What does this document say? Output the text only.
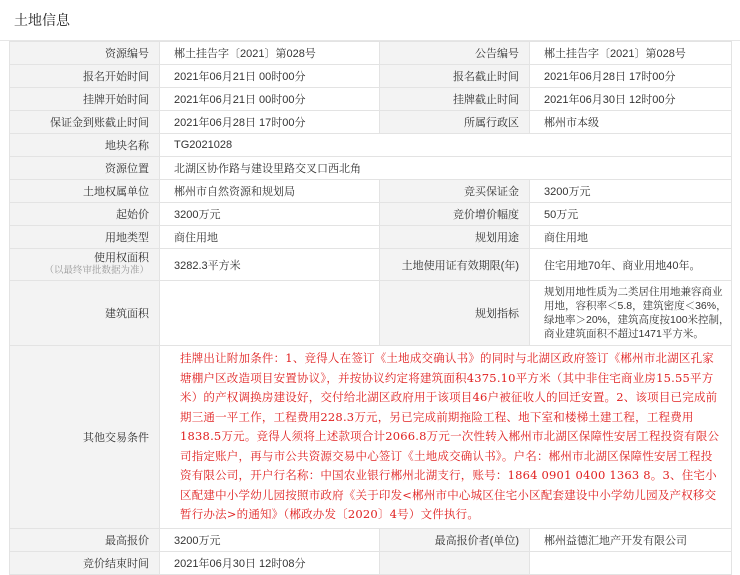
土地信息
资源编号	郴土挂告字〔2021〕第028号	公告编号	郴土挂告字〔2021〕第028号
报名开始时间	2021年06月21日 00时00分	报名截止时间	2021年06月28日 17时00分
挂牌开始时间	2021年06月21日 00时00分	挂牌截止时间	2021年06月30日 12时00分
保证金到账截止时间	2021年06月28日 17时00分	所属行政区	郴州市本级
地块名称	TG2021028		
资源位置	北湖区协作路与建设里路交叉口西北角		
土地权属单位	郴州市自然资源和规划局	竞买保证金	3200万元
起始价	3200万元	竞价增价幅度	50万元
用地类型	商住用地	规划用途	商住用地

使用权面积
（以最终审批数据为准）	3282.3平方米	土地使用证有效期限(年)	住宅用地70年、商业用地40年。
建筑面积		规划指标	规划用地性质为二类居住用地兼容商业用地，容积率＜5.8，建筑密度＜36%，绿地率＞20%，建筑高度按100米控制，商业建筑面积不超过1471平方米。
其他交易条件	挂牌出让附加条件：1、竞得人在签订《土地成交确认书》的同时与北湖区政府签订《郴州市北湖区孔家塘棚户区改造项目安置协议》，并按协议约定将建筑面积4375.10平方米（其中非住宅商业房15.55平方米）的产权调换房建设好，交付给北湖区政府用于该项目46户被征收人的回迁安置。2、该项目已完成前期三通一平工作，工程费用228.3万元，另已完成前期拖险工程、地下室和楼梯土建工程，工程费用1838.5万元。竞得人须将上述款项合计2066.8万元一次性转入郴州市北湖区保障性安居工程投资有限公司指定账户，再与市公共资源交易中心签订《土地成交确认书》。户名：郴州市北湖区保障性安居工程投资有限公司，开户行名称：中国农业银行郴州北湖支行，账号：1864 0901 0400 1363 8。3、住宅小区配建中小学幼儿园按照市政府《关于印发<郴州市中心城区住宅小区配套建设中小学幼儿园及产权移交暂行办法>的通知》（郴政办发〔2020〕4号）文件执行。		
最高报价	3200万元	最高报价者(单位)	郴州益德汇地产开发有限公司
竞价结束时间	2021年06月30日 12时08分		
